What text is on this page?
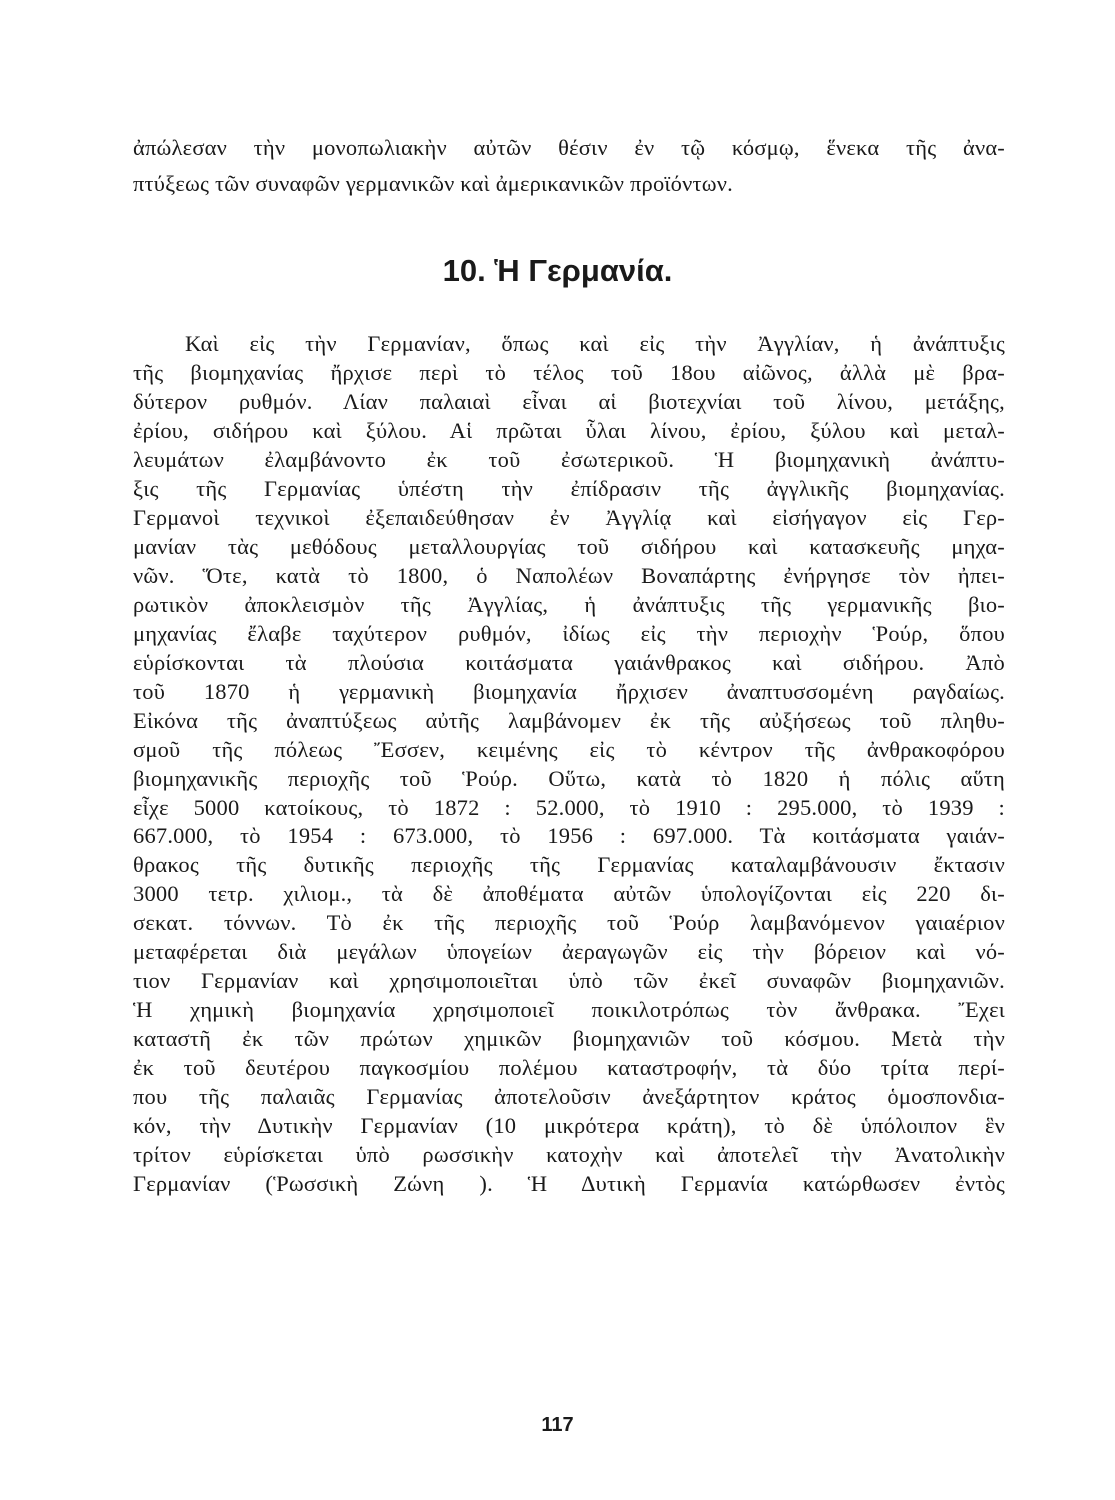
ἀπώλεσαν τὴν μονοπωλιακὴν αὐτῶν θέσιν ἐν τῷ κόσμῳ, ἕνεκα τῆς ἀνα-
πτύξεως τῶν συναφῶν γερμανικῶν καὶ ἀμερικανικῶν προϊόντων.
10. Ἡ Γερμανία.
Καὶ εἰς τὴν Γερμανίαν, ὅπως καὶ εἰς τὴν Ἀγγλίαν, ἡ ἀνάπτυξις
τῆς βιομηχανίας ἤρχισε περὶ τὸ τέλος τοῦ 18ου αἰῶνος, ἀλλὰ μὲ βρα-
δύτερον ρυθμόν. Λίαν παλαιαὶ εἶναι αἱ βιοτεχνίαι τοῦ λίνου, μετάξης,
ἐρίου, σιδήρου καὶ ξύλου. Αἱ πρῶται ὗλαι λίνου, ἐρίου, ξύλου καὶ μεταλ-
λευμάτων ἐλαμβάνοντο ἐκ τοῦ ἐσωτερικοῦ. Ἡ βιομηχανικὴ ἀνάπτυ-
ξις τῆς Γερμανίας ὑπέστη τὴν ἐπίδρασιν τῆς ἀγγλικῆς βιομηχανίας.
Γερμανοὶ τεχνικοὶ ἐξεπαιδεύθησαν ἐν Ἀγγλίᾳ καὶ εἰσήγαγον εἰς Γερ-
μανίαν τὰς μεθόδους μεταλλουργίας τοῦ σιδήρου καὶ κατασκευῆς μηχα-
νῶν. Ὅτε, κατὰ τὸ 1800, ὁ Ναπολέων Βοναπάρτης ἐνήργησε τὸν ἠπει-
ρωτικὸν ἀποκλεισμὸν τῆς Ἀγγλίας, ἡ ἀνάπτυξις τῆς γερμανικῆς βιο-
μηχανίας ἔλαβε ταχύτερον ρυθμόν, ἰδίως εἰς τὴν περιοχὴν Ῥούρ, ὅπου
εὑρίσκονται τὰ πλούσια κοιτάσματα γαιάνθρακος καὶ σιδήρου. Ἀπὸ
τοῦ 1870 ἡ γερμανικὴ βιομηχανία ἤρχισεν ἀναπτυσσομένη ραγδαίως.
Εἰκόνα τῆς ἀναπτύξεως αὐτῆς λαμβάνομεν ἐκ τῆς αὐξήσεως τοῦ πληθυ-
σμοῦ τῆς πόλεως Ἔσσεν, κειμένης εἰς τὸ κέντρον τῆς ἀνθρακοφόρου
βιομηχανικῆς περιοχῆς τοῦ Ῥούρ. Οὕτω, κατὰ τὸ 1820 ἡ πόλις αὕτη
εἶχε 5000 κατοίκους, τὸ 1872 : 52.000, τὸ 1910 : 295.000, τὸ 1939 :
667.000, τὸ 1954 : 673.000, τὸ 1956 : 697.000. Τὰ κοιτάσματα γαιάν-
θρακος τῆς δυτικῆς περιοχῆς τῆς Γερμανίας καταλαμβάνουσιν ἔκτασιν
3000 τετρ. χιλιομ., τὰ δὲ ἀποθέματα αὐτῶν ὑπολογίζονται εἰς 220 δι-
σεκατ. τόννων. Τὸ ἐκ τῆς περιοχῆς τοῦ Ῥούρ λαμβανόμενον γαιαέριον
μεταφέρεται διὰ μεγάλων ὑπογείων ἀεραγωγῶν εἰς τὴν βόρειον καὶ νό-
τιον Γερμανίαν καὶ χρησιμοποιεῖται ὑπὸ τῶν ἐκεῖ συναφῶν βιομηχανιῶν.
Ἡ χημικὴ βιομηχανία χρησιμοποιεῖ ποικιλοτρόπως τὸν ἄνθρακα. Ἔχει
καταστῆ ἐκ τῶν πρώτων χημικῶν βιομηχανιῶν τοῦ κόσμου. Μετὰ τὴν
ἐκ τοῦ δευτέρου παγκοσμίου πολέμου καταστροφήν, τὰ δύο τρίτα περί-
που τῆς παλαιᾶς Γερμανίας ἀποτελοῦσιν ἀνεξάρτητον κράτος ὁμοσπονδια-
κόν, τὴν Δυτικὴν Γερμανίαν (10 μικρότερα κράτη), τὸ δὲ ὑπόλοιπον ἓν
τρίτον εὑρίσκεται ὑπὸ ρωσσικὴν κατοχὴν καὶ ἀποτελεῖ τὴν Ἀνατολικὴν
Γερμανίαν (Ῥωσσικὴ Ζώνη ). Ἡ Δυτικὴ Γερμανία κατώρθωσεν ἐντὸς
117
